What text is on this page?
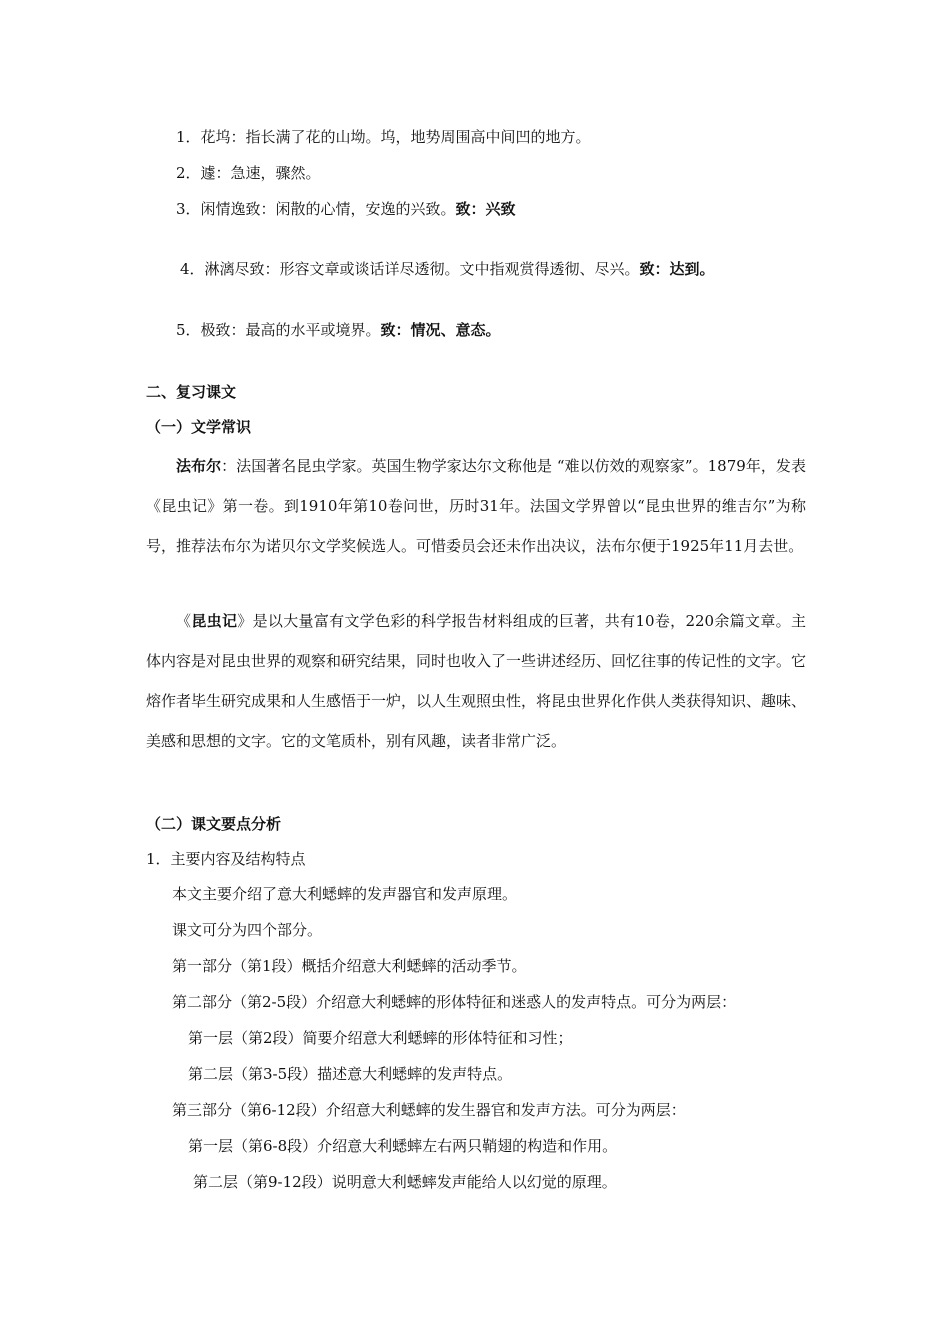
1．花坞：指长满了花的山坳。坞，地势周围高中间凹的地方。
2．遽：急速，骤然。
3．闲情逸致：闲散的心情，安逸的兴致。致：兴致
4．淋漓尽致：形容文章或谈话详尽透彻。文中指观赏得透彻、尽兴。致：达到。
5．极致：最高的水平或境界。致：情况、意态。
二、复习课文
（一）文学常识

法布尔：法国著名昆虫学家。英国生物学家达尔文称他是 “难以仿效的观察家”。1879年，发表《昆虫记》第一卷。到1910年第10卷问世，历时31年。法国文学界曾以“昆虫世界的维吉尔”为称号，推荐法布尔为诺贝尔文学奖候选人。可惜委员会还未作出决议，法布尔便于1925年11月去世。

《昆虫记》是以大量富有文学色彩的科学报告材料组成的巨著，共有10卷，220余篇文章。主体内容是对昆虫世界的观察和研究结果，同时也收入了一些讲述经历、回忆往事的传记性的文字。它熔作者毕生研究成果和人生感悟于一炉，以人生观照虫性，将昆虫世界化作供人类获得知识、趣味、美感和思想的文字。它的文笔质朴，别有风趣，读者非常广泛。

（二）课文要点分析
1．主要内容及结构特点
本文主要介绍了意大利蟋蟀的发声器官和发声原理。
课文可分为四个部分。
第一部分（第1段）概括介绍意大利蟋蟀的活动季节。
第二部分（第2-5段）介绍意大利蟋蟀的形体特征和迷惑人的发声特点。可分为两层：
第一层（第2段）简要介绍意大利蟋蟀的形体特征和习性；
第二层（第3-5段）描述意大利蟋蟀的发声特点。
第三部分（第6-12段）介绍意大利蟋蟀的发生器官和发声方法。可分为两层：
第一层（第6-8段）介绍意大利蟋蟀左右两只鞘翅的构造和作用。
第二层（第9-12段）说明意大利蟋蟀发声能给人以幻觉的原理。
